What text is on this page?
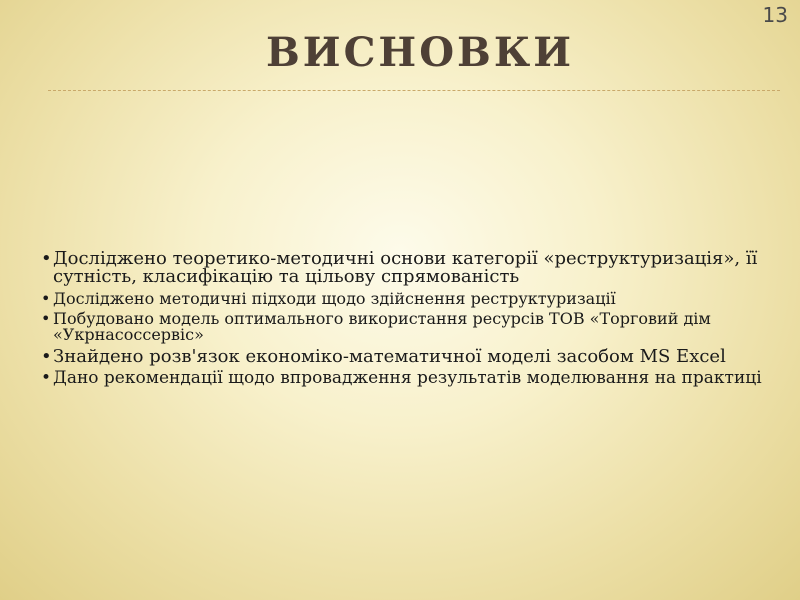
13
ВИСНОВКИ
• Досліджено теоретико-методичні основи категорії «реструктуризація», її сутність, класифікацію та цільову спрямованість
• Досліджено методичні підходи щодо здійснення реструктуризації
• Побудовано модель оптимального використання ресурсів ТОВ «Торговий дім «Укрнасоссервіс»
• Знайдено розв'язок економіко-математичної моделі засобом MS Excel
• Дано рекомендації щодо впровадження результатів моделювання на практиці
